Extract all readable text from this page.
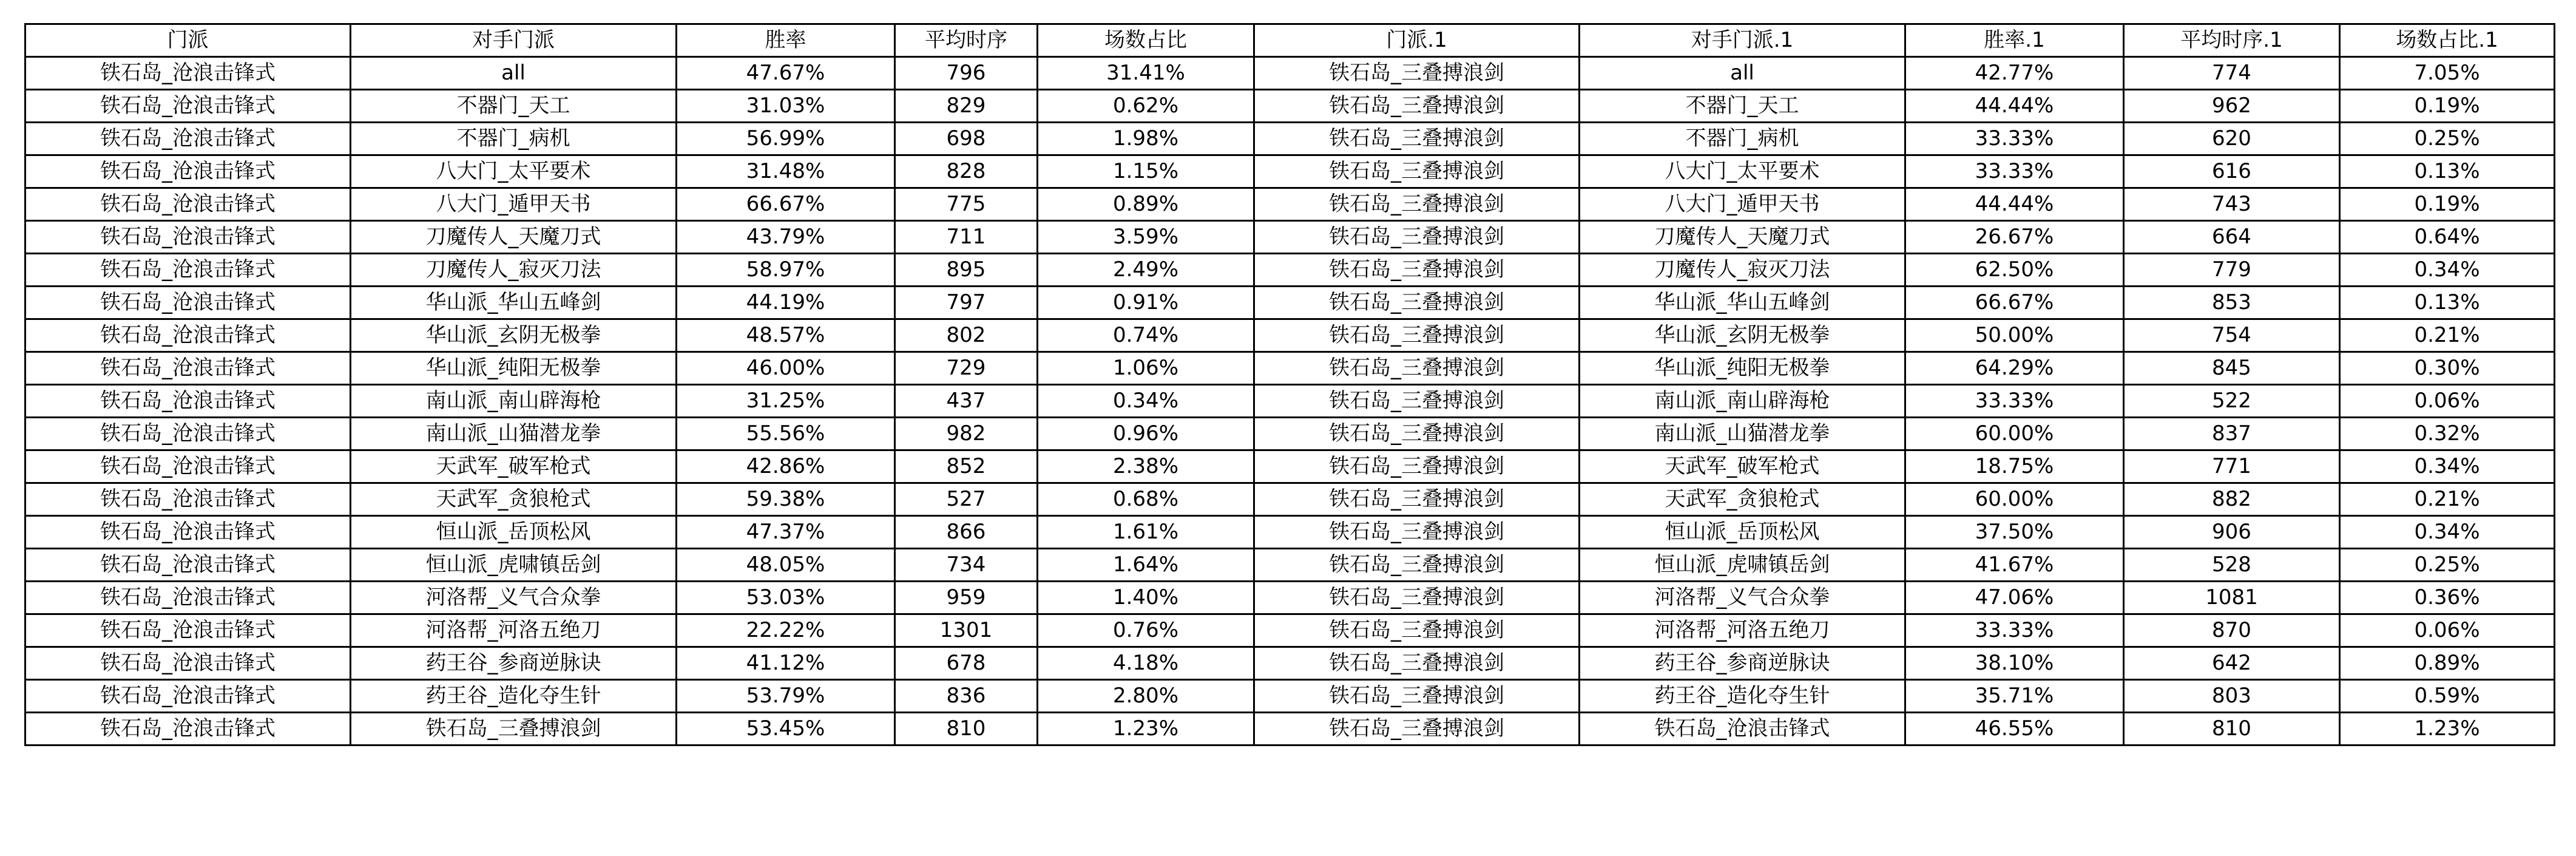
门派	对手门派	胜率	平均时序	场数占比	门派.1	对手门派.1	胜率.1	平均时序.1	场数占比.1
铁石岛_沧浪击锋式	all	47.67%	796	31.41%	铁石岛_三叠搏浪剑	all	42.77%	774	7.05%
铁石岛_沧浪击锋式	不器门_天工	31.03%	829	0.62%	铁石岛_三叠搏浪剑	不器门_天工	44.44%	962	0.19%
铁石岛_沧浪击锋式	不器门_病机	56.99%	698	1.98%	铁石岛_三叠搏浪剑	不器门_病机	33.33%	620	0.25%
铁石岛_沧浪击锋式	八大门_太平要术	31.48%	828	1.15%	铁石岛_三叠搏浪剑	八大门_太平要术	33.33%	616	0.13%
铁石岛_沧浪击锋式	八大门_遁甲天书	66.67%	775	0.89%	铁石岛_三叠搏浪剑	八大门_遁甲天书	44.44%	743	0.19%
铁石岛_沧浪击锋式	刀魔传人_天魔刀式	43.79%	711	3.59%	铁石岛_三叠搏浪剑	刀魔传人_天魔刀式	26.67%	664	0.64%
铁石岛_沧浪击锋式	刀魔传人_寂灭刀法	58.97%	895	2.49%	铁石岛_三叠搏浪剑	刀魔传人_寂灭刀法	62.50%	779	0.34%
铁石岛_沧浪击锋式	华山派_华山五峰剑	44.19%	797	0.91%	铁石岛_三叠搏浪剑	华山派_华山五峰剑	66.67%	853	0.13%
铁石岛_沧浪击锋式	华山派_玄阴无极拳	48.57%	802	0.74%	铁石岛_三叠搏浪剑	华山派_玄阴无极拳	50.00%	754	0.21%
铁石岛_沧浪击锋式	华山派_纯阳无极拳	46.00%	729	1.06%	铁石岛_三叠搏浪剑	华山派_纯阳无极拳	64.29%	845	0.30%
铁石岛_沧浪击锋式	南山派_南山辟海枪	31.25%	437	0.34%	铁石岛_三叠搏浪剑	南山派_南山辟海枪	33.33%	522	0.06%
铁石岛_沧浪击锋式	南山派_山猫潜龙拳	55.56%	982	0.96%	铁石岛_三叠搏浪剑	南山派_山猫潜龙拳	60.00%	837	0.32%
铁石岛_沧浪击锋式	天武军_破军枪式	42.86%	852	2.38%	铁石岛_三叠搏浪剑	天武军_破军枪式	18.75%	771	0.34%
铁石岛_沧浪击锋式	天武军_贪狼枪式	59.38%	527	0.68%	铁石岛_三叠搏浪剑	天武军_贪狼枪式	60.00%	882	0.21%
铁石岛_沧浪击锋式	恒山派_岳顶松风	47.37%	866	1.61%	铁石岛_三叠搏浪剑	恒山派_岳顶松风	37.50%	906	0.34%
铁石岛_沧浪击锋式	恒山派_虎啸镇岳剑	48.05%	734	1.64%	铁石岛_三叠搏浪剑	恒山派_虎啸镇岳剑	41.67%	528	0.25%
铁石岛_沧浪击锋式	河洛帮_义气合众拳	53.03%	959	1.40%	铁石岛_三叠搏浪剑	河洛帮_义气合众拳	47.06%	1081	0.36%
铁石岛_沧浪击锋式	河洛帮_河洛五绝刀	22.22%	1301	0.76%	铁石岛_三叠搏浪剑	河洛帮_河洛五绝刀	33.33%	870	0.06%
铁石岛_沧浪击锋式	药王谷_参商逆脉诀	41.12%	678	4.18%	铁石岛_三叠搏浪剑	药王谷_参商逆脉诀	38.10%	642	0.89%
铁石岛_沧浪击锋式	药王谷_造化夺生针	53.79%	836	2.80%	铁石岛_三叠搏浪剑	药王谷_造化夺生针	35.71%	803	0.59%
铁石岛_沧浪击锋式	铁石岛_三叠搏浪剑	53.45%	810	1.23%	铁石岛_三叠搏浪剑	铁石岛_沧浪击锋式	46.55%	810	1.23%
